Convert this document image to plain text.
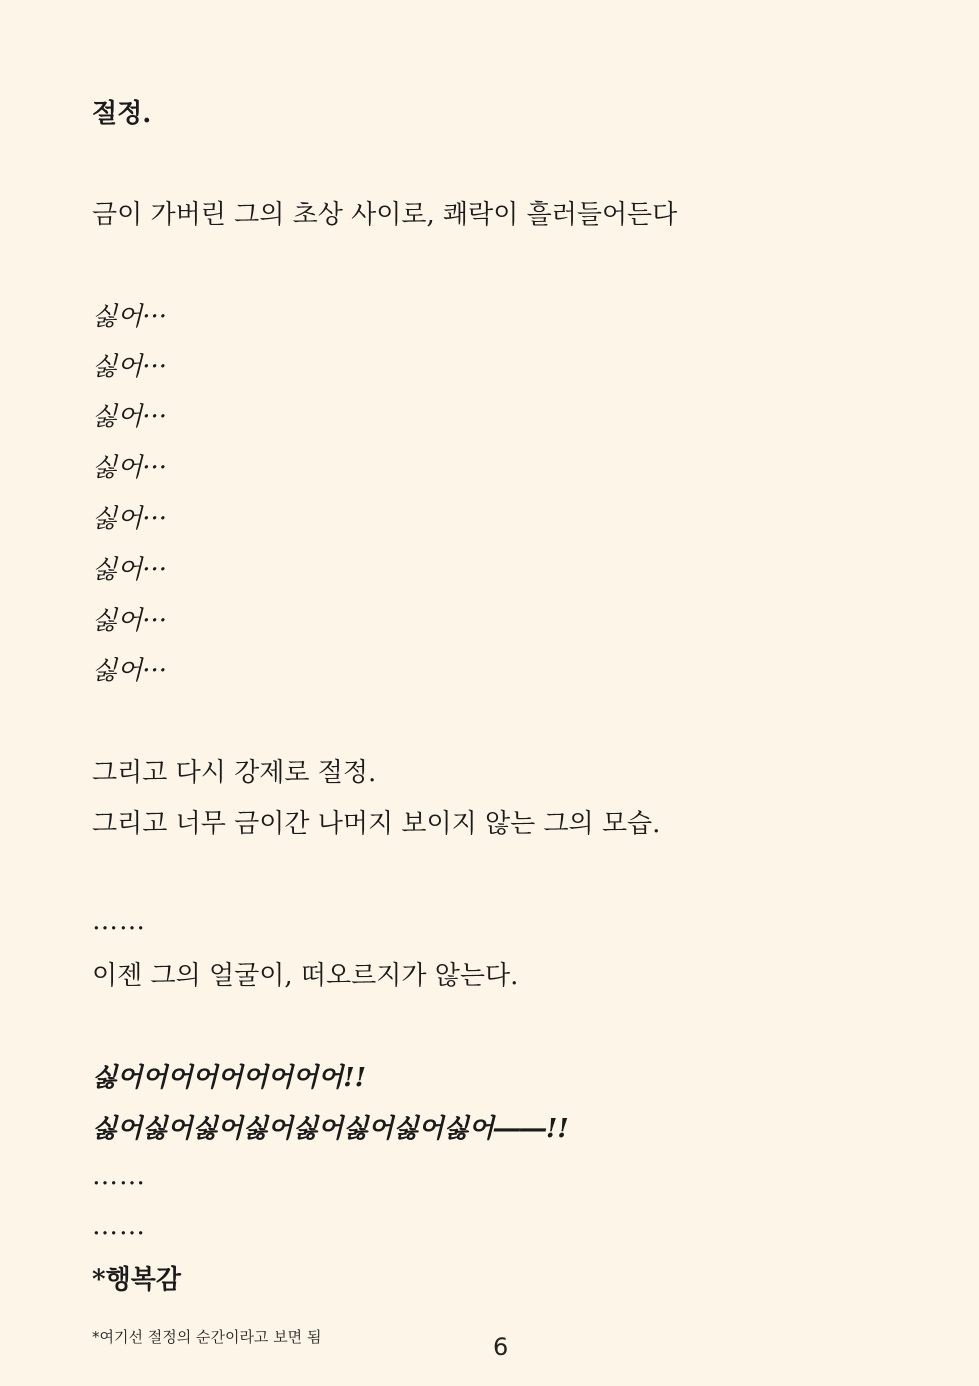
절정.
금이 가버린 그의 초상 사이로, 쾌락이 흘러들어든다
싫어···
싫어···
싫어···
싫어···
싫어···
싫어···
싫어···
싫어···
그리고 다시 강제로 절정.
그리고 너무 금이간 나머지 보이지 않는 그의 모습.
……
이젠 그의 얼굴이, 떠오르지가 않는다.
싫어어어어어어어어어!!
싫어싫어싫어싫어싫어싫어싫어싫어――!!
……
……
*행복감
*여기선 절정의 순간이라고 보면 됨	6
